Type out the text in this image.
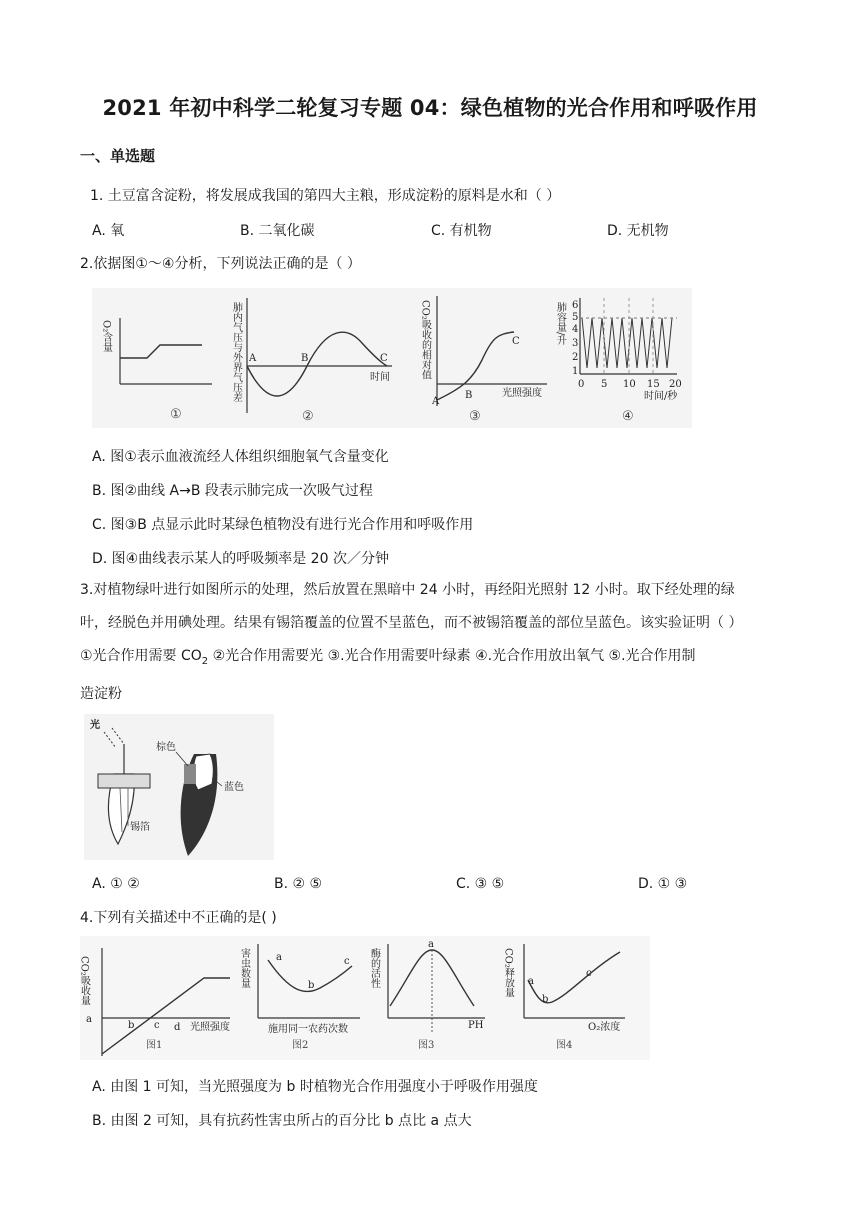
2021 年初中科学二轮复习专题 04：绿色植物的光合作用和呼吸作用
一、单选题
1. 土豆富含淀粉，将发展成我国的第四大主粮，形成淀粉的原料是水和（ ）
A. 氧	B. 二氧化碳	C. 有机物	D. 无机物
2.依据图①～④分析，下列说法正确的是（ ）
O₂含量
①
肺内气压与外界气压差 A	B	C
时间
②
CO₂吸收的相对值
A
B
C
光照强度
③
肺容量/升 6
5
4
3
2
1
0 5 10 15 20
时间/秒
④
A. 图①表示血液流经人体组织细胞氧气含量变化
B. 图②曲线 A→B 段表示肺完成一次吸气过程
C. 图③B 点显示此时某绿色植物没有进行光合作用和呼吸作用
D. 图④曲线表示某人的呼吸频率是 20 次／分钟
3.对植物绿叶进行如图所示的处理，然后放置在黑暗中 24 小时，再经阳光照射 12 小时。取下经处理的绿
叶，经脱色并用碘处理。结果有锡箔覆盖的位置不呈蓝色，而不被锡箔覆盖的部位呈蓝色。该实验证明（ ）
①光合作用需要 $CO_2$ ②光合作用需要光 ③.光合作用需要叶绿素 ④.光合作用放出氧气 ⑤.光合作用制
造淀粉
光
锡箔
棕色
蓝色
A. ① ②	B. ② ⑤	C. ③ ⑤	D. ① ③
4.下列有关描述中不正确的是( )
CO₂吸收量
a
b c d 光照强度
图1
害虫数量	a
b
c
施用同一农药次数
图2
酶的活性
a
PH
图3
CO₂释放量 a
b
c
O₂浓度
图4
A. 由图 1 可知，当光照强度为 b 时植物光合作用强度小于呼吸作用强度
B. 由图 2 可知，具有抗药性害虫所占的百分比 b 点比 a 点大
